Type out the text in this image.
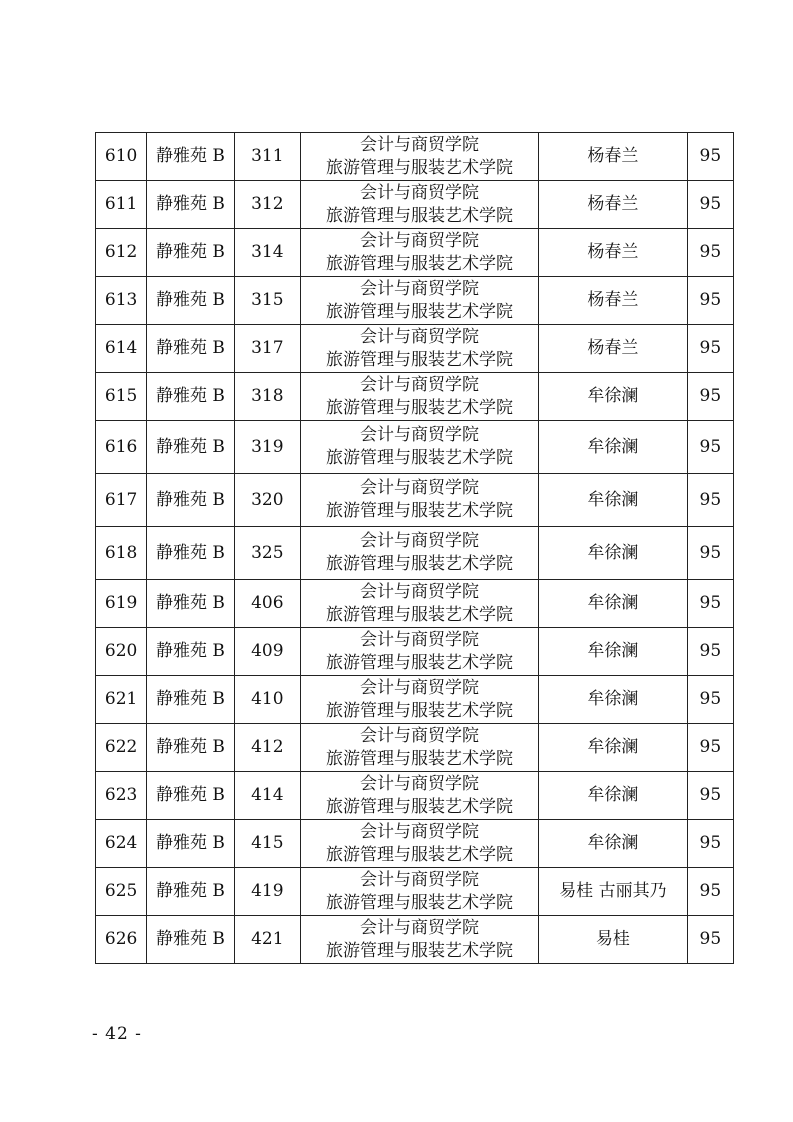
610	静雅苑 B	311	会计与商贸学院
旅游管理与服装艺术学院	杨春兰	95
611	静雅苑 B	312	会计与商贸学院
旅游管理与服装艺术学院	杨春兰	95
612	静雅苑 B	314	会计与商贸学院
旅游管理与服装艺术学院	杨春兰	95
613	静雅苑 B	315	会计与商贸学院
旅游管理与服装艺术学院	杨春兰	95
614	静雅苑 B	317	会计与商贸学院
旅游管理与服装艺术学院	杨春兰	95
615	静雅苑 B	318	会计与商贸学院
旅游管理与服装艺术学院	牟徐澜	95
616	静雅苑 B	319	会计与商贸学院
旅游管理与服装艺术学院	牟徐澜	95
617	静雅苑 B	320	会计与商贸学院
旅游管理与服装艺术学院	牟徐澜	95
618	静雅苑 B	325	会计与商贸学院
旅游管理与服装艺术学院	牟徐澜	95
619	静雅苑 B	406	会计与商贸学院
旅游管理与服装艺术学院	牟徐澜	95
620	静雅苑 B	409	会计与商贸学院
旅游管理与服装艺术学院	牟徐澜	95
621	静雅苑 B	410	会计与商贸学院
旅游管理与服装艺术学院	牟徐澜	95
622	静雅苑 B	412	会计与商贸学院
旅游管理与服装艺术学院	牟徐澜	95
623	静雅苑 B	414	会计与商贸学院
旅游管理与服装艺术学院	牟徐澜	95
624	静雅苑 B	415	会计与商贸学院
旅游管理与服装艺术学院	牟徐澜	95
625	静雅苑 B	419	会计与商贸学院
旅游管理与服装艺术学院	易桂 古丽其乃	95
626	静雅苑 B	421	会计与商贸学院
旅游管理与服装艺术学院	易桂	95
- 42 -
